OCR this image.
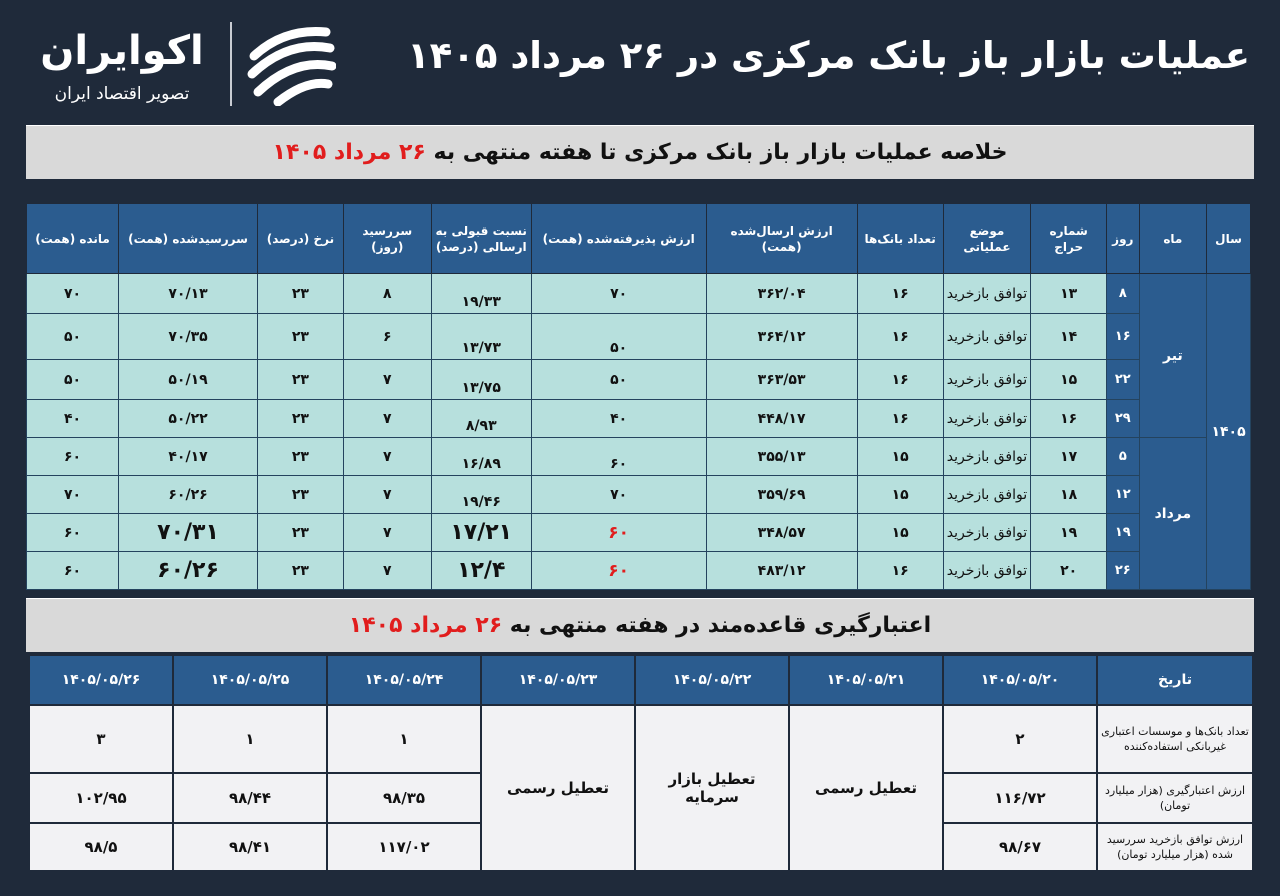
اکوایران
تصویر اقتصاد ایران
عملیات بازار باز بانک مرکزی در ۲۶ مرداد ۱۴۰۵
خلاصه عملیات بازار باز بانک مرکزی تا هفته منتهی به ۲۶ مرداد ۱۴۰۵
سال	ماه	روز	شماره حراج	موضع عملیاتی	تعداد بانک‌ها	ارزش ارسال‌شده (همت)	ارزش پذیرفته‌شده (همت)	نسبت قبولی به ارسالی (درصد)	سررسید (روز)	نرخ (درصد)	سررسیدشده (همت)	مانده (همت)
۱۴۰۵	تیر	۸	۱۳	توافق بازخرید	۱۶	۳۶۲/۰۴	۷۰	۱۹/۳۳	۸	۲۳	۷۰/۱۳	۷۰
		۱۶	۱۴	توافق بازخرید	۱۶	۳۶۴/۱۲	۵۰	۱۳/۷۳	۶	۲۳	۷۰/۳۵	۵۰
		۲۲	۱۵	توافق بازخرید	۱۶	۳۶۳/۵۳	۵۰	۱۳/۷۵	۷	۲۳	۵۰/۱۹	۵۰
		۲۹	۱۶	توافق بازخرید	۱۶	۴۴۸/۱۷	۴۰	۸/۹۳	۷	۲۳	۵۰/۲۲	۴۰
	مرداد	۵	۱۷	توافق بازخرید	۱۵	۳۵۵/۱۳	۶۰	۱۶/۸۹	۷	۲۳	۴۰/۱۷	۶۰
		۱۲	۱۸	توافق بازخرید	۱۵	۳۵۹/۶۹	۷۰	۱۹/۴۶	۷	۲۳	۶۰/۲۶	۷۰
		۱۹	۱۹	توافق بازخرید	۱۵	۳۴۸/۵۷	۶۰	۱۷/۲۱	۷	۲۳	۷۰/۳۱	۶۰
		۲۶	۲۰	توافق بازخرید	۱۶	۴۸۳/۱۲	۶۰	۱۲/۴	۷	۲۳	۶۰/۲۶	۶۰
اعتبارگیری قاعده‌مند در هفته منتهی به ۲۶ مرداد ۱۴۰۵
تاریخ	۱۴۰۵/۰۵/۲۰	۱۴۰۵/۰۵/۲۱	۱۴۰۵/۰۵/۲۲	۱۴۰۵/۰۵/۲۳	۱۴۰۵/۰۵/۲۴	۱۴۰۵/۰۵/۲۵	۱۴۰۵/۰۵/۲۶
تعداد بانک‌ها و موسسات اعتباری غیربانکی استفاده‌کننده	۲	تعطیل رسمی	تعطیل بازار سرمایه	تعطیل رسمی	۱	۱	۳
ارزش اعتبارگیری (هزار میلیارد تومان)	۱۱۶/۷۲				۹۸/۳۵	۹۸/۴۴	۱۰۲/۹۵
ارزش توافق بازخرید سررسید شده (هزار میلیارد تومان)	۹۸/۶۷				۱۱۷/۰۲	۹۸/۴۱	۹۸/۵
